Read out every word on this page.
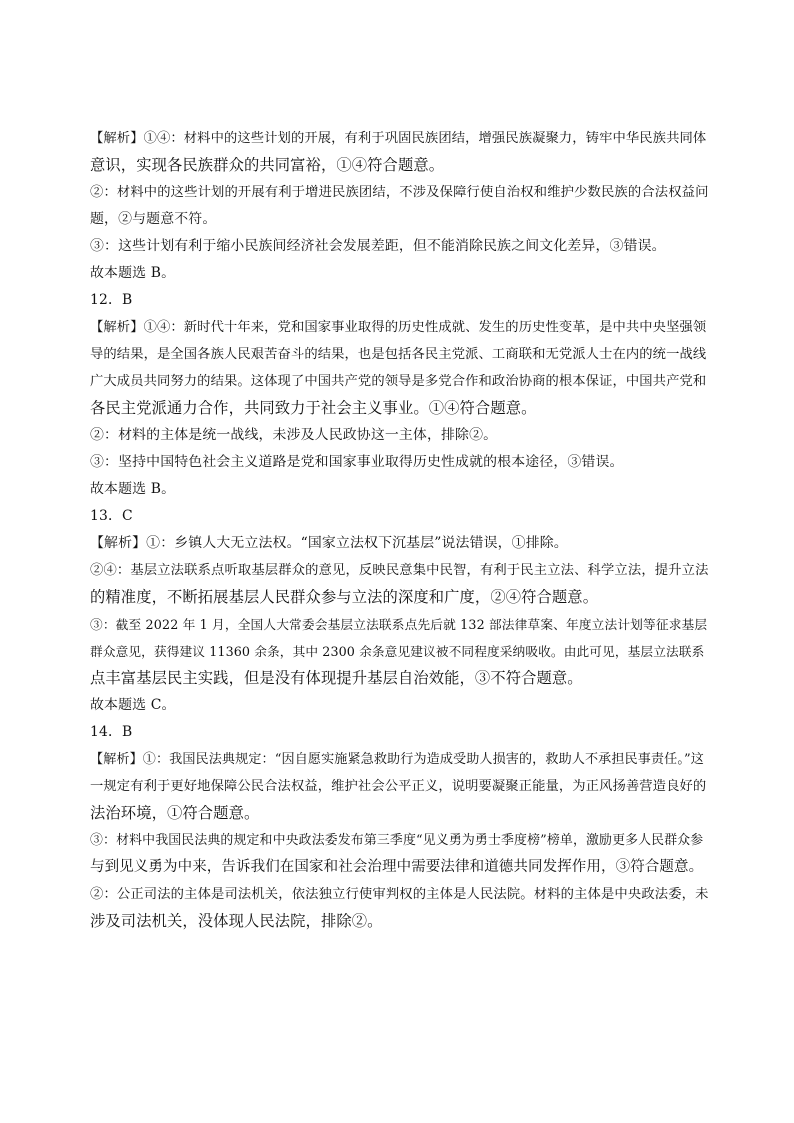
【解析】①④：材料中的这些计划的开展，有利于巩固民族团结，增强民族凝聚力，铸牢中华民族共同体
意识，实现各民族群众的共同富裕，①④符合题意。
②：材料中的这些计划的开展有利于增进民族团结，不涉及保障行使自治权和维护少数民族的合法权益问
题，②与题意不符。
③：这些计划有利于缩小民族间经济社会发展差距，但不能消除民族之间文化差异，③错误。
故本题选 B。
12．B
【解析】①④：新时代十年来，党和国家事业取得的历史性成就、发生的历史性变革，是中共中央坚强领
导的结果，是全国各族人民艰苦奋斗的结果，也是包括各民主党派、工商联和无党派人士在内的统一战线
广大成员共同努力的结果。这体现了中国共产党的领导是多党合作和政治协商的根本保证，中国共产党和
各民主党派通力合作，共同致力于社会主义事业。①④符合题意。
②：材料的主体是统一战线，未涉及人民政协这一主体，排除②。
③：坚持中国特色社会主义道路是党和国家事业取得历史性成就的根本途径，③错误。
故本题选 B。
13．C
【解析】①：乡镇人大无立法权。“国家立法权下沉基层”说法错误，①排除。
②④：基层立法联系点听取基层群众的意见，反映民意集中民智，有利于民主立法、科学立法，提升立法
的精准度，不断拓展基层人民群众参与立法的深度和广度，②④符合题意。
③：截至 2022 年 1 月，全国人大常委会基层立法联系点先后就 132 部法律草案、年度立法计划等征求基层
群众意见，获得建议 11360 余条，其中 2300 余条意见建议被不同程度采纳吸收。由此可见，基层立法联系
点丰富基层民主实践，但是没有体现提升基层自治效能，③不符合题意。
故本题选 C。
14．B
【解析】①：我国民法典规定：“因自愿实施紧急救助行为造成受助人损害的，救助人不承担民事责任。”这
一规定有利于更好地保障公民合法权益，维护社会公平正义，说明要凝聚正能量，为正风扬善营造良好的
法治环境，①符合题意。
③：材料中我国民法典的规定和中央政法委发布第三季度“见义勇为勇士季度榜”榜单，激励更多人民群众参
与到见义勇为中来，告诉我们在国家和社会治理中需要法律和道德共同发挥作用，③符合题意。
②：公正司法的主体是司法机关，依法独立行使审判权的主体是人民法院。材料的主体是中央政法委，未
涉及司法机关，没体现人民法院，排除②。
